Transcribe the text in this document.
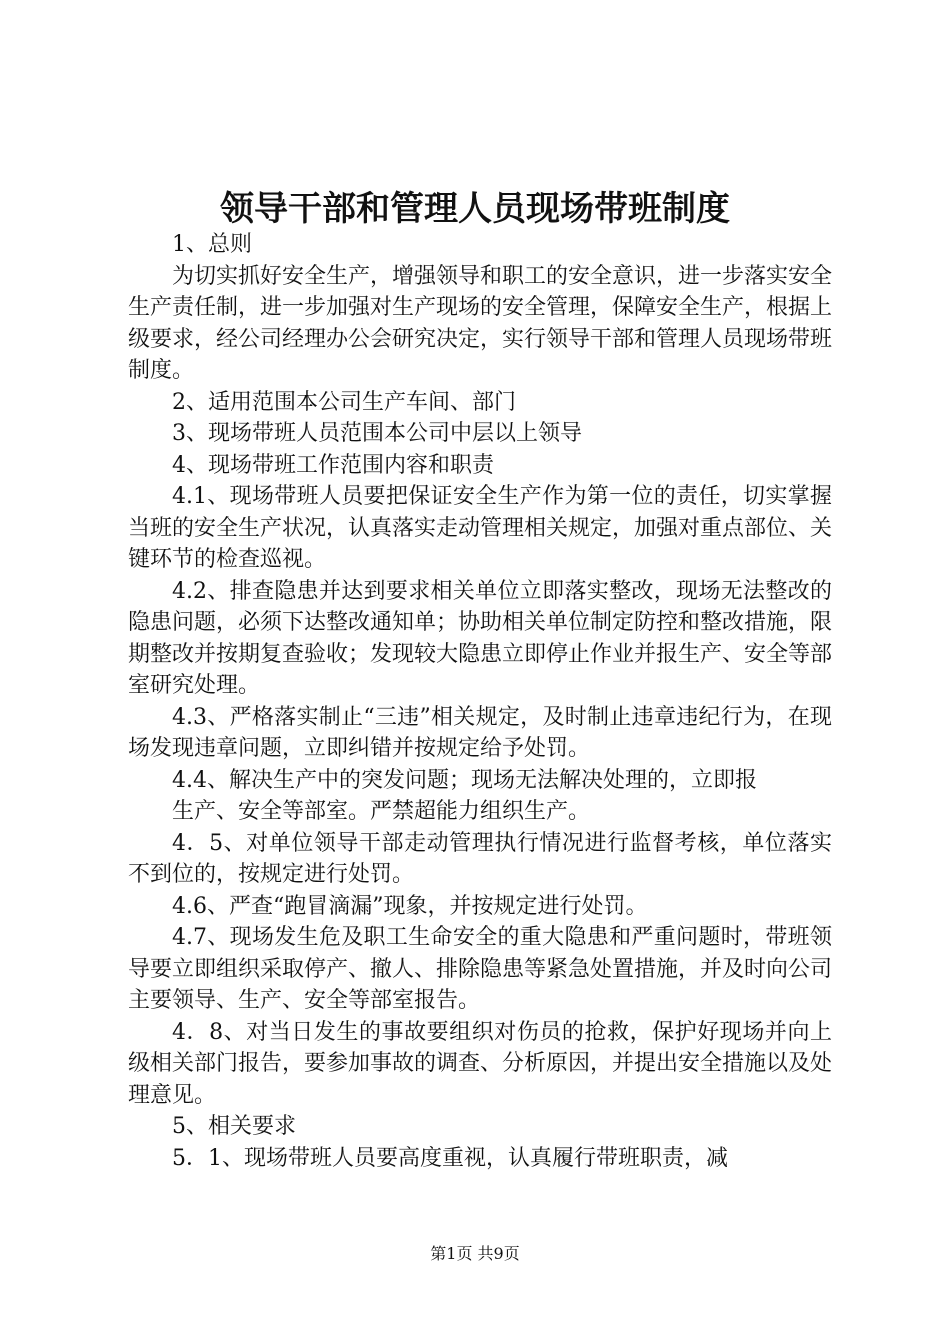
领导干部和管理人员现场带班制度

1、总则

为切实抓好安全生产，增强领导和职工的安全意识，进一步落实安全生产责任制，进一步加强对生产现场的安全管理，保障安全生产，根据上级要求，经公司经理办公会研究决定，实行领导干部和管理人员现场带班制度。

2、适用范围本公司生产车间、部门

3、现场带班人员范围本公司中层以上领导

4、现场带班工作范围内容和职责

4.1、现场带班人员要把保证安全生产作为第一位的责任，切实掌握当班的安全生产状况，认真落实走动管理相关规定，加强对重点部位、关键环节的检查巡视。

4.2、排查隐患并达到要求相关单位立即落实整改，现场无法整改的隐患问题，必须下达整改通知单；协助相关单位制定防控和整改措施，限期整改并按期复查验收；发现较大隐患立即停止作业并报生产、安全等部室研究处理。

4.3、严格落实制止“三违”相关规定，及时制止违章违纪行为，在现场发现违章问题，立即纠错并按规定给予处罚。

4.4、解决生产中的突发问题；现场无法解决处理的，立即报

生产、安全等部室。严禁超能力组织生产。

4．5、对单位领导干部走动管理执行情况进行监督考核，单位落实不到位的，按规定进行处罚。

4.6、严查“跑冒滴漏”现象，并按规定进行处罚。

4.7、现场发生危及职工生命安全的重大隐患和严重问题时，带班领导要立即组织采取停产、撤人、排除隐患等紧急处置措施，并及时向公司主要领导、生产、安全等部室报告。

4．8、对当日发生的事故要组织对伤员的抢救，保护好现场并向上级相关部门报告，要参加事故的调查、分析原因，并提出安全措施以及处理意见。

5、相关要求

5．1、现场带班人员要高度重视，认真履行带班职责，减

第1页 共9页
